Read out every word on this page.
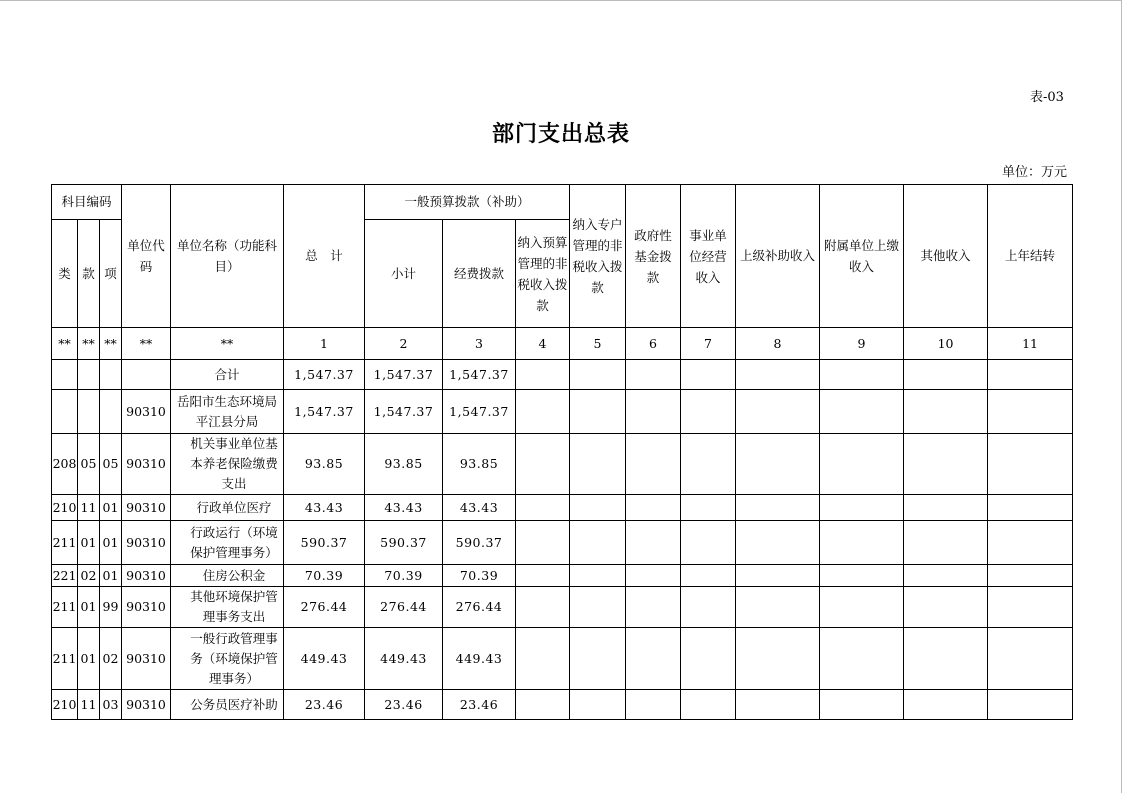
表-03
部门支出总表
单位：万元
科目编码			单位代码	单位名称（功能科目）	总　计	一般预算拨款（补助）			纳入专户管理的非税收入拨款	政府性基金拨款	事业单位经营收入	上级补助收入	附属单位上缴收入	其他收入	上年结转
类	款	项				小计	经费拨款	纳入预算管理的非税收入拨款							

**	**	**	**	**	1	2	3	4	5	6	7	8	9	10	11
				合计	1,547.37	1,547.37	1,547.37								
			90310	岳阳市生态环境局平江县分局	1,547.37	1,547.37	1,547.37								
208	05	05	90310	机关事业单位基本养老保险缴费支出	93.85	93.85	93.85								
210	11	01	90310	行政单位医疗	43.43	43.43	43.43								
211	01	01	90310	行政运行（环境保护管理事务）	590.37	590.37	590.37								
221	02	01	90310	住房公积金	70.39	70.39	70.39								
211	01	99	90310	其他环境保护管理事务支出	276.44	276.44	276.44								
211	01	02	90310	一般行政管理事务（环境保护管理事务）	449.43	449.43	449.43								
210	11	03	90310	公务员医疗补助	23.46	23.46	23.46								
